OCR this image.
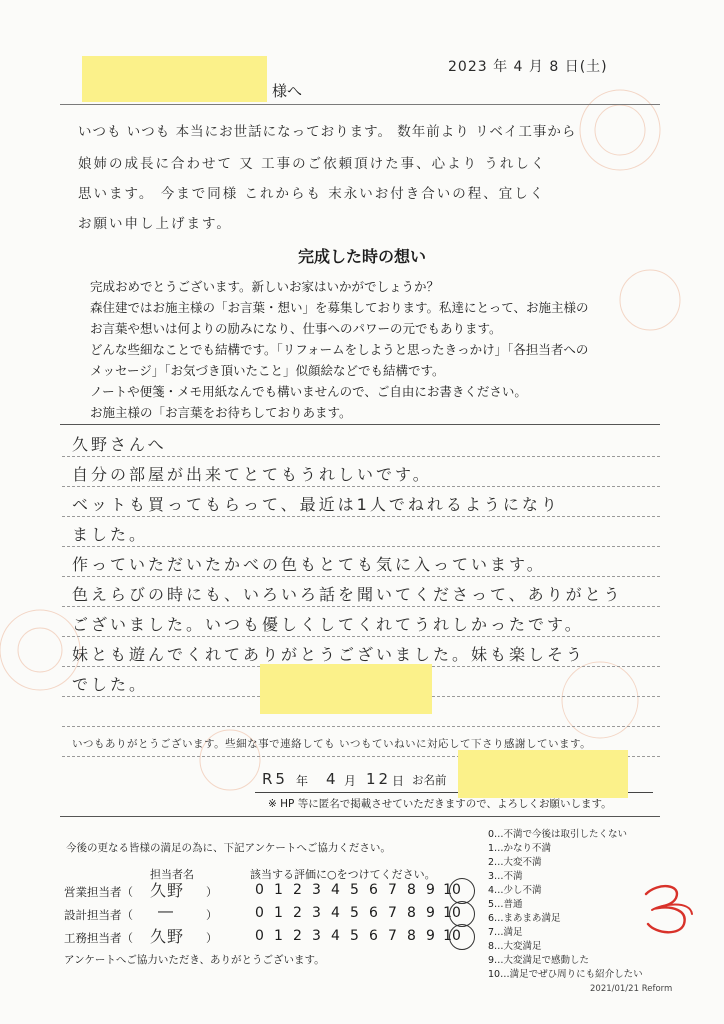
2023 年 4 月 8 日(土)
様へ
いつも いつも 本当にお世話になっております。 数年前より リベイ工事から
娘姉の成長に合わせて 又 工事のご依頼頂けた事、心より うれしく
思います。 今まで同様 これからも 末永いお付き合いの程、宜しく
お願い申し上げます。
完成した時の想い
完成おめでとうございます。新しいお家はいかがでしょうか？
森住建ではお施主様の「お言葉・想い」を募集しております。私達にとって、お施主様の
お言葉や想いは何よりの励みになり、仕事へのパワーの元でもあります。
どんな些細なことでも結構です。「リフォームをしようと思ったきっかけ」「各担当者への
メッセージ」「お気づき頂いたこと」似顔絵などでも結構です。
ノートや便箋・メモ用紙なんでも構いませんので、ご自由にお書きください。
お施主様の「お言葉をお待ちしておりあます。
久野さんへ
自分の部屋が出来てとてもうれしいです。
ベットも買ってもらって、最近は1人でねれるようになり
ました。
作っていただいたかべの色もとても気に入っています。
色えらびの時にも、いろいろ話を聞いてくださって、ありがとう
ございました。いつも優しくしてくれてうれしかったです。
妹とも遊んでくれてありがとうございました。妹も楽しそう
でした。
いつもありがとうございます。些細な事で連絡しても いつもていねいに対応して下さり感謝しています。
R5 年 4 月 12 日 お名前
※ HP 等に匿名で掲載させていただきますので、よろしくお願いします。
今後の更なる皆様の満足の為に、下記アンケートへご協力ください。
担当者名	該当する評価に○をつけてください。
営業担当者（ 久野 ）	0 1 2 3 4 5 6 7 8 9 10
設計担当者（ ―	）	0 1 2 3 4 5 6 7 8 9 10
工務担当者（ 久野 ）	0 1 2 3 4 5 6 7 8 9 10
アンケートへご協力いただき、ありがとうございます。
0…不満で今後は取引したくない
1…かなり不満
2…大変不満
3…不満
4…少し不満
5…普通
6…まあまあ満足
7…満足
8…大変満足
9…大変満足で感動した
10…満足でぜひ周りにも紹介したい
2021/01/21 Reform
